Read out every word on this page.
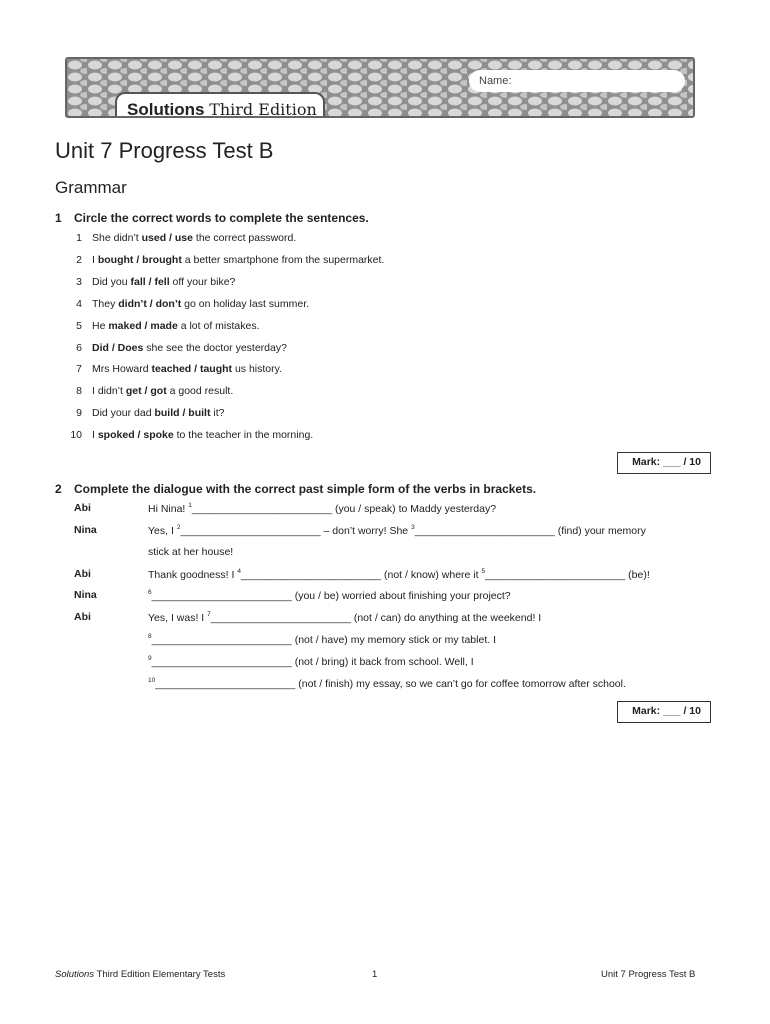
Name:
Solutions Third Edition
Unit 7 Progress Test B
Grammar
1 Circle the correct words to complete the sentences.
1 She didn’t used / use the correct password.
2 I bought / brought a better smartphone from the supermarket.
3 Did you fall / fell off your bike?
4 They didn’t / don’t go on holiday last summer.
5 He maked / made a lot of mistakes.
6 Did / Does she see the doctor yesterday?
7 Mrs Howard teached / taught us history.
8 I didn’t get / got a good result.
9 Did your dad build / built it?
10 I spoked / spoke to the teacher in the morning.
Mark: ___ / 10
2 Complete the dialogue with the correct past simple form of the verbs in brackets.
Abi
Nina
Abi
Nina
Abi
Hi Nina! $^1$________________________ (you / speak) to Maddy yesterday?
Yes, I $^2$________________________ – don’t worry! She $^3$________________________ (find) your memory
stick at her house!
Thank goodness! I $^4$________________________ (not / know) where it $^5$________________________ (be)!
$^6$________________________ (you / be) worried about finishing your project?
Yes, I was! I $^7$________________________ (not / can) do anything at the weekend! I
$^8$________________________ (not / have) my memory stick or my tablet. I
$^9$________________________ (not / bring) it back from school. Well, I
$^{10}$________________________ (not / finish) my essay, so we can’t go for coffee tomorrow after school.
Mark: ___ / 10
Solutions Third Edition Elementary Tests	1	Unit 7 Progress Test B
